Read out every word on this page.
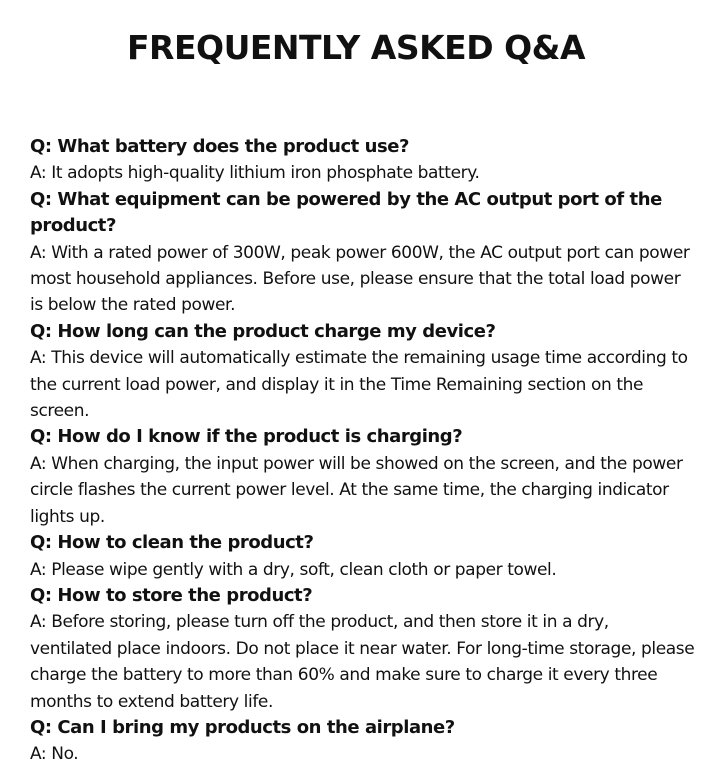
FREQUENTLY ASKED Q&A

Q: What battery does the product use?

A: It adopts high-quality lithium iron phosphate battery.

Q: What equipment can be powered by the AC output port of the product?

A: With a rated power of 300W, peak power 600W, the AC output port can power most household appliances. Before use, please ensure that the total load power is below the rated power.

Q: How long can the product charge my device?

A: This device will automatically estimate the remaining usage time according to the current load power, and display it in the Time Remaining section on the screen.

Q: How do I know if the product is charging?

A: When charging, the input power will be showed on the screen, and the power circle flashes the current power level. At the same time, the charging indicator lights up.

Q: How to clean the product?

A: Please wipe gently with a dry, soft, clean cloth or paper towel.

Q: How to store the product?

A: Before storing, please turn off the product, and then store it in a dry, ventilated place indoors. Do not place it near water. For long-time storage, please charge the battery to more than 60% and make sure to charge it every three months to extend battery life.

Q: Can I bring my products on the airplane?

A: No.
